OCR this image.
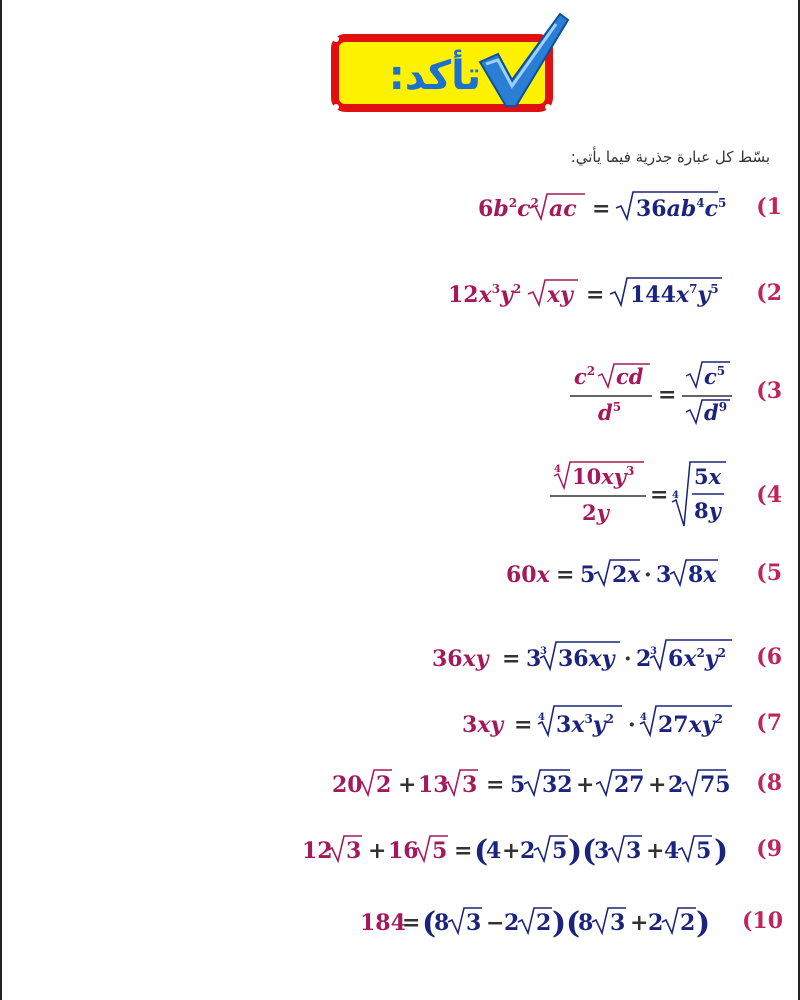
تأكد:
بسّط كل عبارة جذرية فيما يأتي:
(1
$6b^2c^2$ ac = $36ab^4c^5$
(2
$12x^3y^2$ xy = $144x^7y^5$
(3
$c^2$ cd
$d^5$ =
$c^5$
$d^9$
(4
4 $10xy^3$
2y
= 4
5x
8y
(5
60x = 5 2x · 3 8x
(6
36xy = 3
3 36xy · 2
3 $6x^2y^2$
(7
3xy = 4 $3x^3y^2 \cdot 4$ $27xy^2$
(8
20 2 + 13 3 = 5 32 + 27 + 2 75
(9
12 3 + 16 5 = (
4 + 2 5 ) (
3 3 + 4 5 )
(10
184
= (
8 3 − 2 2 ) (
8 3 + 2 2 )
